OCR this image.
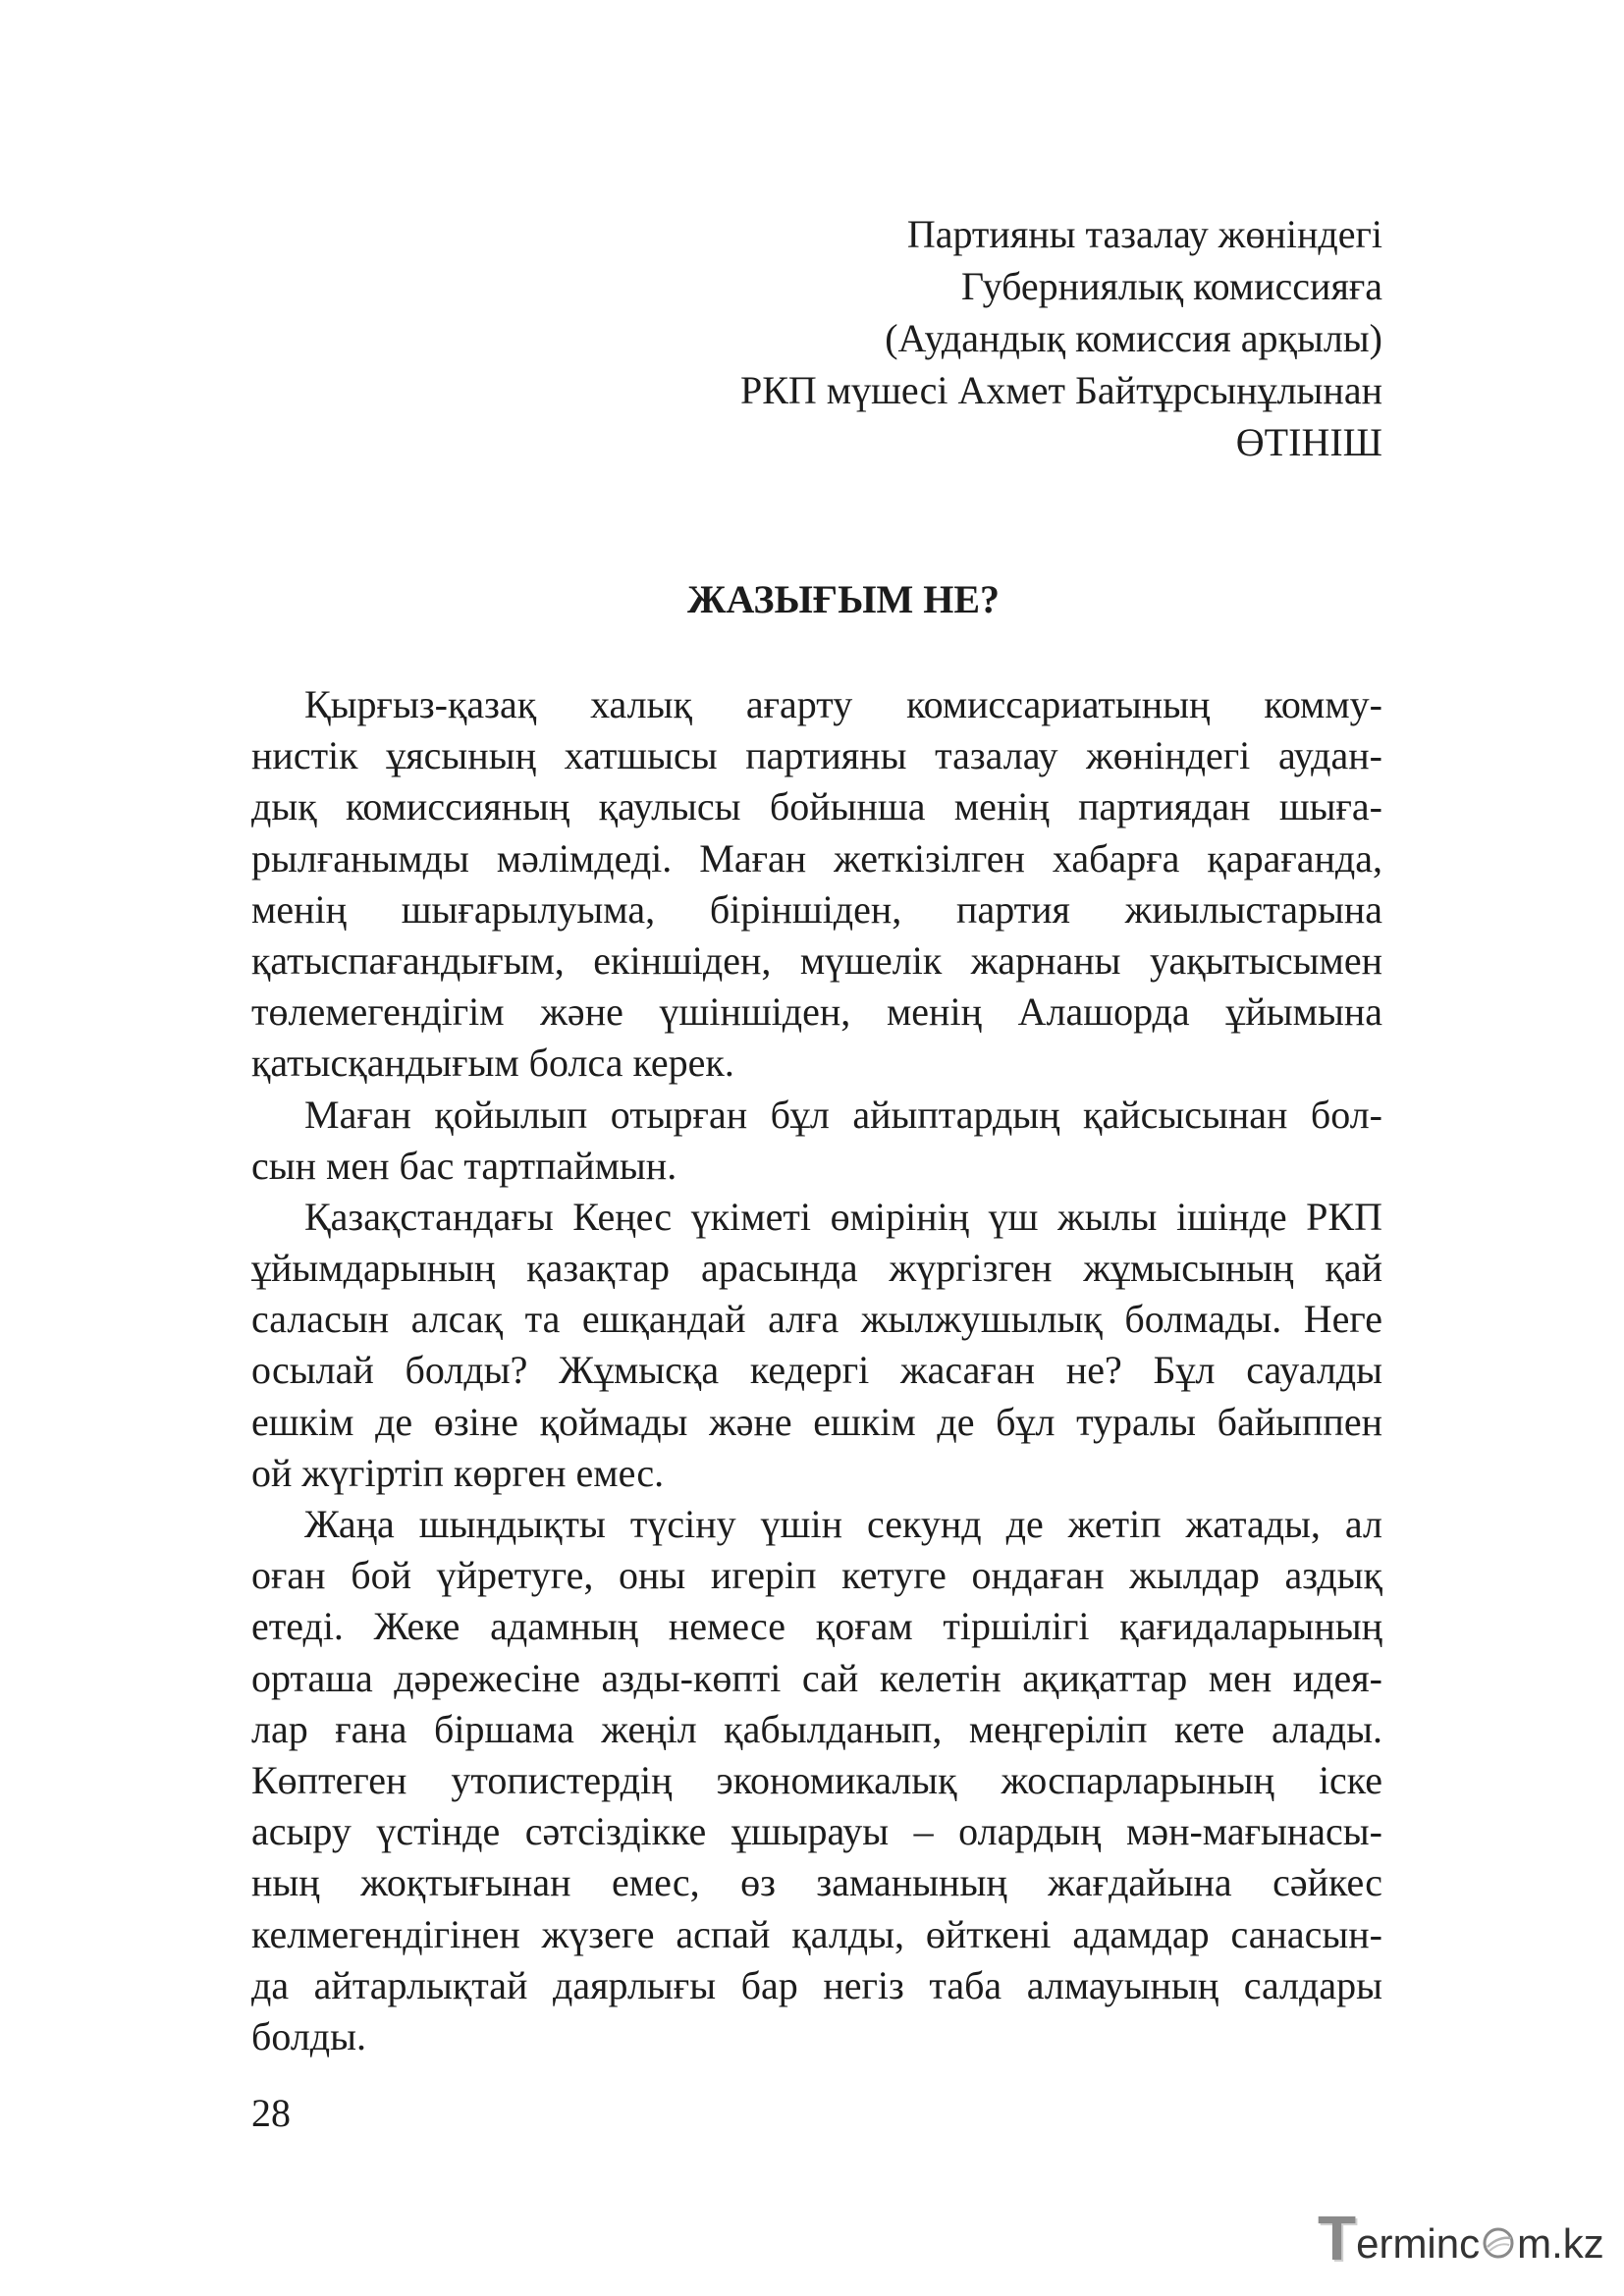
Партияны тазалау жөніндегі
Губерниялық комиссияға
(Аудандық комиссия арқылы)
РКП мүшесі Ахмет Байтұрсынұлынан
ӨТІНІШ
ЖАЗЫҒЫМ НЕ?
Қырғыз-қазақ халық ағарту комиссариатының комму-
нистік ұясының хатшысы партияны тазалау жөніндегі аудан-
дық комиссияның қаулысы бойынша менің партиядан шыға-
рылғанымды мәлімдеді. Маған жеткізілген хабарға қарағанда,
менің шығарылуыма, біріншіден, партия жиылыстарына
қатыспағандығым, екіншіден, мүшелік жарнаны уақытысымен
төлемегендігім және үшіншіден, менің Алашорда ұйымына
қатысқандығым болса керек.
Маған қойылып отырған бұл айыптардың қайсысынан бол-
сын мен бас тартпаймын.
Қазақстандағы Кеңес үкіметі өмірінің үш жылы ішінде РКП
ұйымдарының қазақтар арасында жүргізген жұмысының қай
саласын алсақ та ешқандай алға жылжушылық болмады. Неге
осылай болды? Жұмысқа кедергі жасаған не? Бұл сауалды
ешкім де өзіне қоймады және ешкім де бұл туралы байыппен
ой жүгіртіп көрген емес.
Жаңа шындықты түсіну үшін секунд де жетіп жатады, ал
оған бой үйретуге, оны игеріп кетуге ондаған жылдар аздық
етеді. Жеке адамның немесе қоғам тіршілігі қағидаларының
орташа дәрежесіне азды-көпті сай келетін ақиқаттар мен идея-
лар ғана біршама жеңіл қабылданып, меңгеріліп кете алады.
Көптеген утопистердің экономикалық жоспарларының іске
асыру үстінде сәтсіздікке ұшырауы – олардың мән-мағынасы-
ның жоқтығынан емес, өз заманының жағдайына сәйкес
келмегендігінен жүзеге аспай қалды, өйткені адамдар санасын-
да айтарлықтай даярлығы бар негіз таба алмауының салдары
болды.
28
T erminc m.kz
